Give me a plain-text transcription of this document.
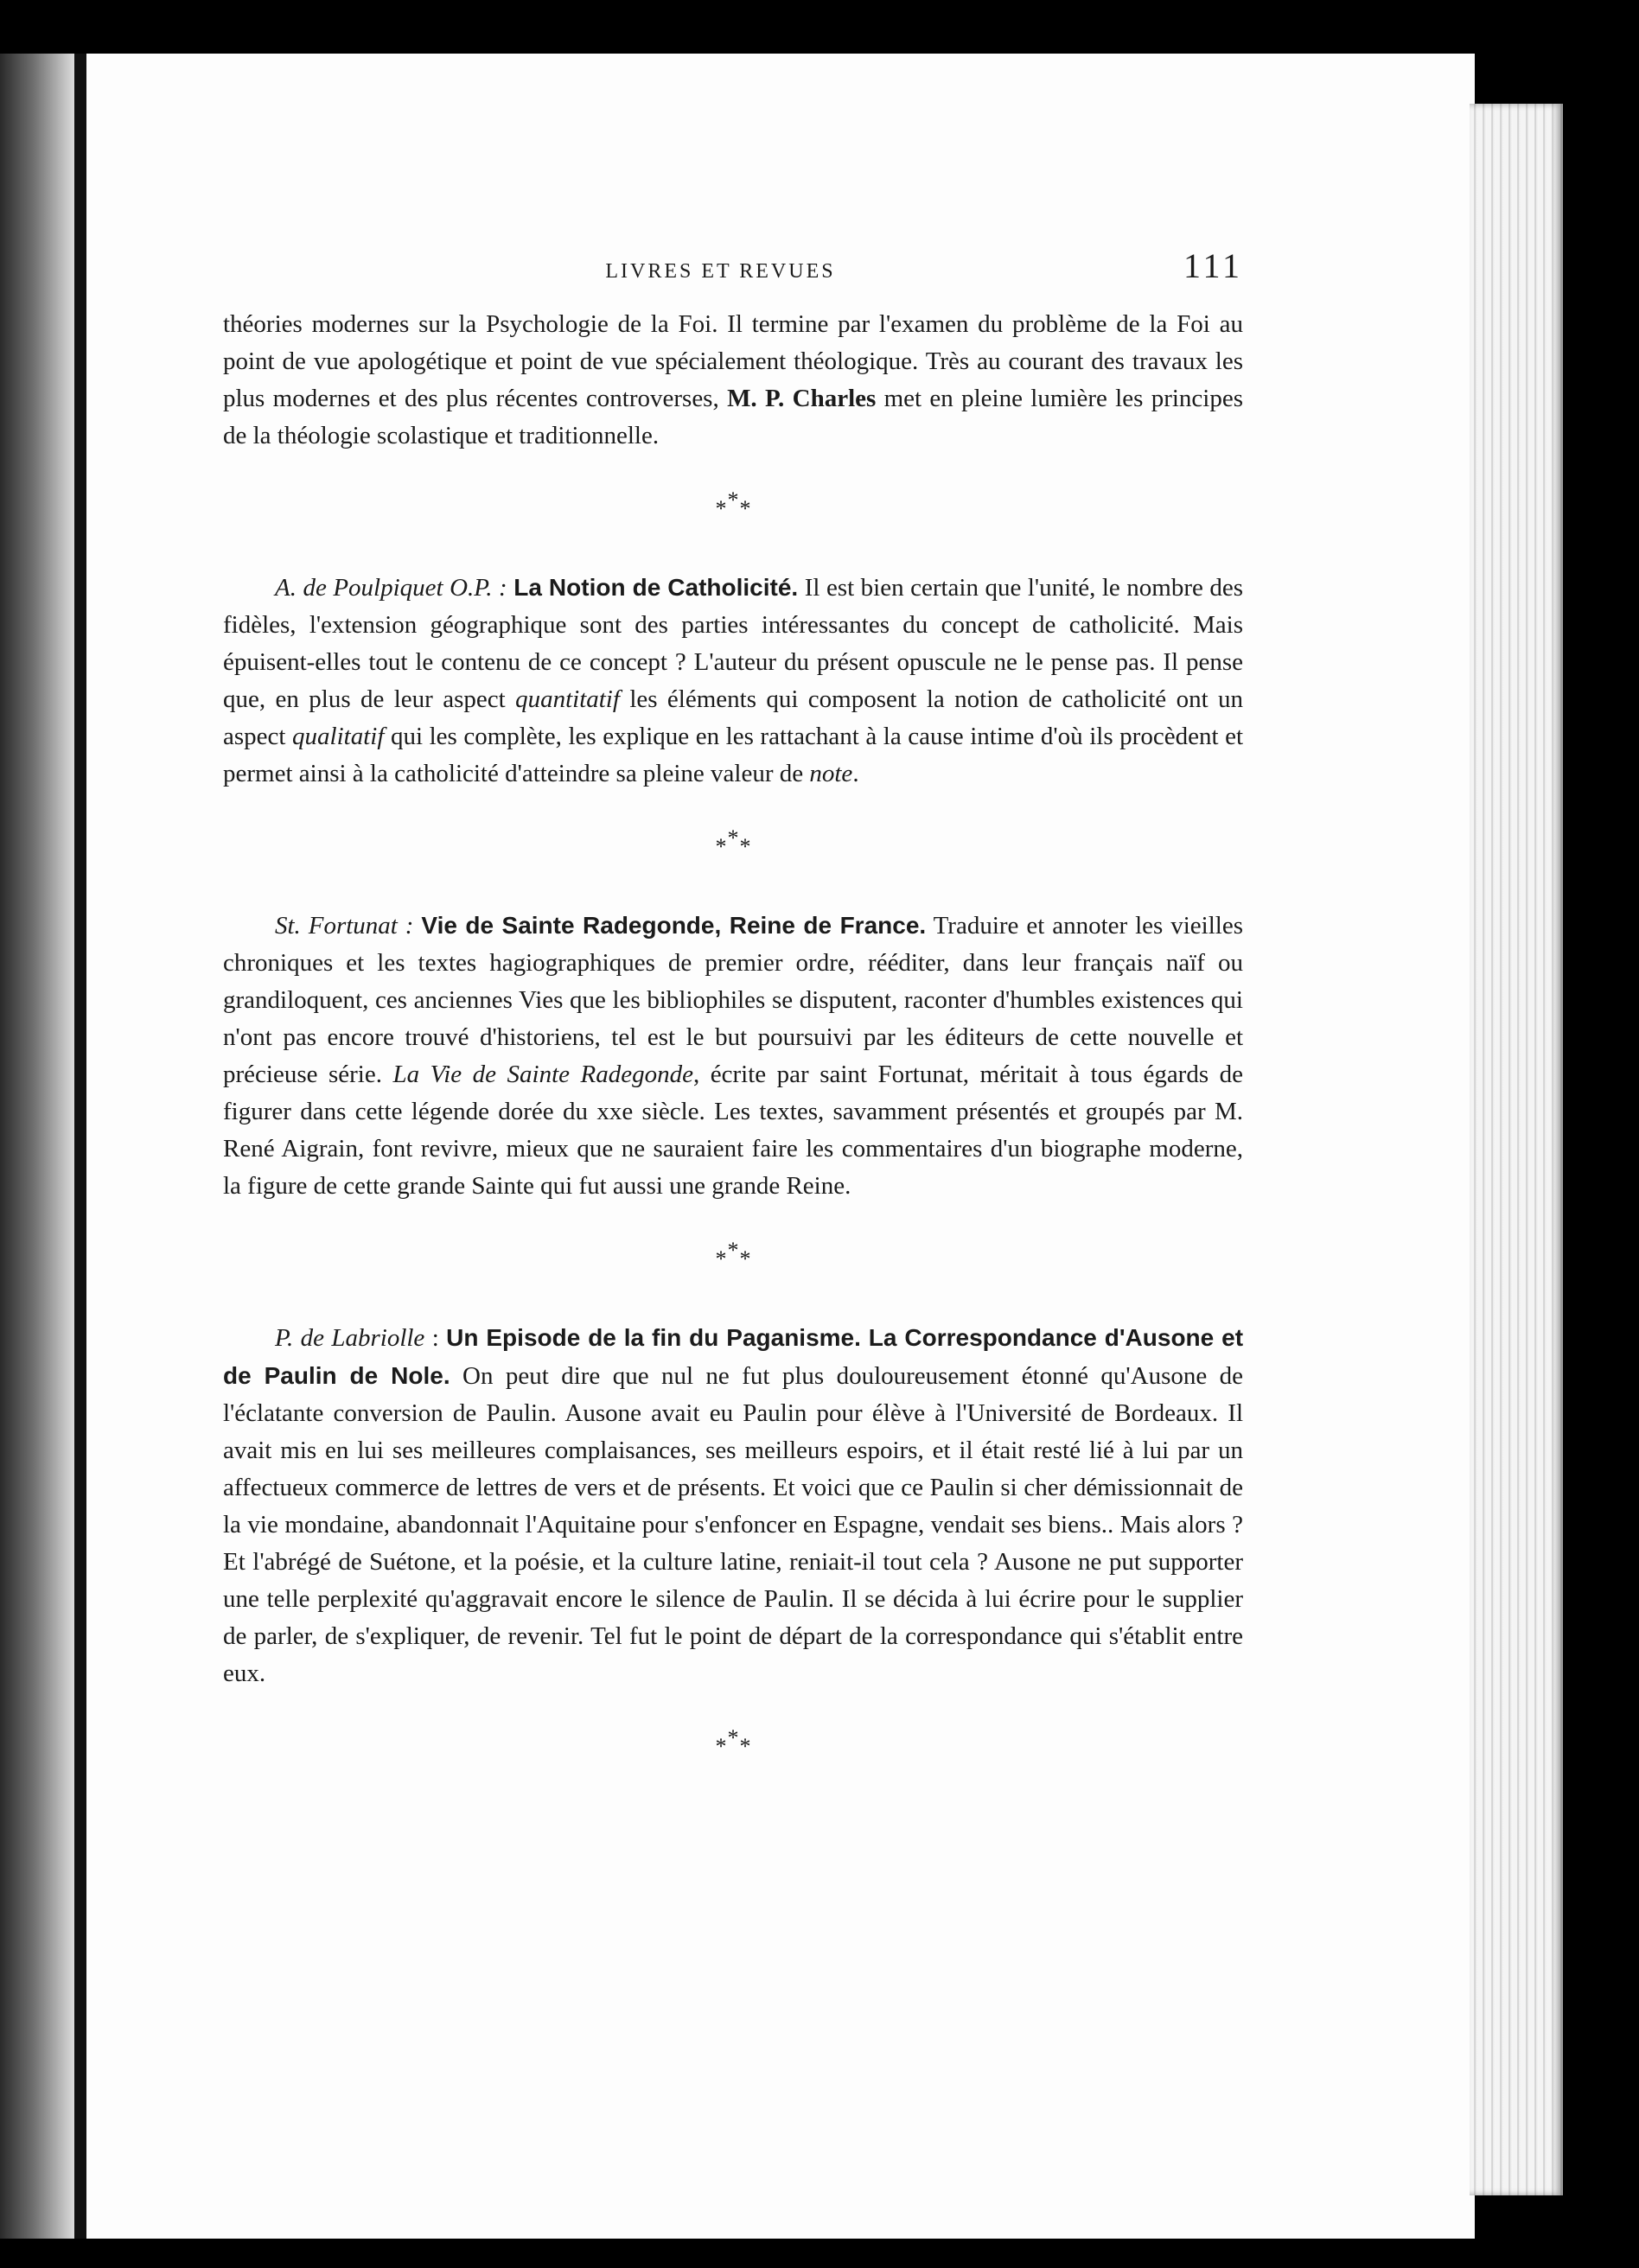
LIVRES ET REVUES	111

théories modernes sur la Psychologie de la Foi. Il termine par l'examen du problème de la Foi au point de vue apologétique et point de vue spécialement théologique. Très au courant des travaux les plus modernes et des plus récentes controverses, M. P. Charles met en pleine lumière les principes de la théologie scolastique et traditionnelle.

***

A. de Poulpiquet O.P. : La Notion de Catholicité. Il est bien certain que l'unité, le nombre des fidèles, l'extension géographique sont des parties intéressantes du concept de catholicité. Mais épuisent-elles tout le contenu de ce concept ? L'auteur du présent opuscule ne le pense pas. Il pense que, en plus de leur aspect quantitatif les éléments qui composent la notion de catholicité ont un aspect qualitatif qui les complète, les explique en les rattachant à la cause intime d'où ils procèdent et permet ainsi à la catholicité d'atteindre sa pleine valeur de note.

***

St. Fortunat : Vie de Sainte Radegonde, Reine de France. Traduire et annoter les vieilles chroniques et les textes hagiographiques de premier ordre, rééditer, dans leur français naïf ou grandiloquent, ces anciennes Vies que les bibliophiles se disputent, raconter d'humbles existences qui n'ont pas encore trouvé d'historiens, tel est le but poursuivi par les éditeurs de cette nouvelle et précieuse série. La Vie de Sainte Radegonde, écrite par saint Fortunat, méritait à tous égards de figurer dans cette légende dorée du xxe siècle. Les textes, savamment présentés et groupés par M. René Aigrain, font revivre, mieux que ne sauraient faire les commentaires d'un biographe moderne, la figure de cette grande Sainte qui fut aussi une grande Reine.

***

P. de Labriolle : Un Episode de la fin du Paganisme. La Correspondance d'Ausone et de Paulin de Nole. On peut dire que nul ne fut plus douloureusement étonné qu'Ausone de l'éclatante conversion de Paulin. Ausone avait eu Paulin pour élève à l'Université de Bordeaux. Il avait mis en lui ses meilleures complaisances, ses meilleurs espoirs, et il était resté lié à lui par un affectueux commerce de lettres de vers et de présents. Et voici que ce Paulin si cher démissionnait de la vie mondaine, abandonnait l'Aquitaine pour s'enfoncer en Espagne, vendait ses biens.. Mais alors ? Et l'abrégé de Suétone, et la poésie, et la culture latine, reniait-il tout cela ? Ausone ne put supporter une telle perplexité qu'aggravait encore le silence de Paulin. Il se décida à lui écrire pour le supplier de parler, de s'expliquer, de revenir. Tel fut le point de départ de la correspondance qui s'établit entre eux.

***
